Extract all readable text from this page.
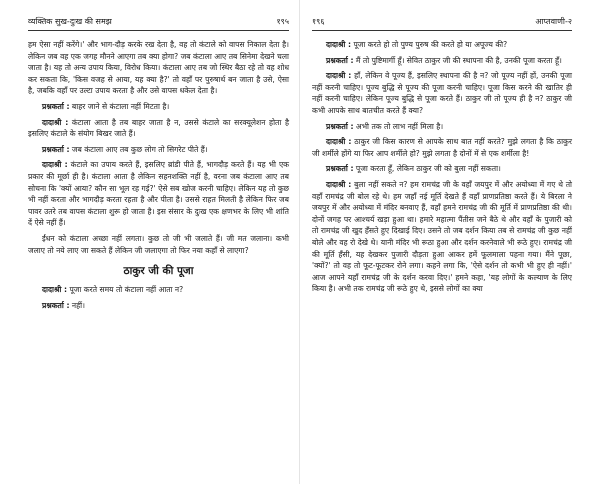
व्यक्तिक सुख-दुःख की समझ	१९५

हम ऐसा नहीं करेंगे।' और भाग-दौड़ करके रख देता है, वह तो कंटाले को वापस निकाल देता है। लेकिन जब वह एक जगह मौनने आएगा तब क्या होगा? जब कंटाला आए तब सिनेमा देखने चला जाता है। यह तो अन्य उपाय किया, विरोध किया। कंटाला आए तब जो स्थिर बैठा रहे तो वह शोध कर सकता कि, 'किस वजह से आया, यह क्या है?' तो वहाँ पर पुरुषार्थ बन जाता है उसे, ऐसा है, जबकि वहाँ पर उल्टा उपाय करता है और उसे वापस धकेल देता है।

प्रश्नकर्ता : बाहर जाने से कंटाला नहीं मिटता है।

दादाश्री : कंटाला आता है तब बाहर जाता है न, उससे कंटाले का सरक्यूलेशन होता है इसलिए कंटाले के संयोग बिखर जाते हैं।

प्रश्नकर्ता : जब कंटाला आए तब कुछ लोग तो सिगरेट पीते हैं।

दादाश्री : कंटाले का उपाय करते हैं, इसलिए ब्रांडी पीते हैं, भागदौड़ करते हैं। यह भी एक प्रकार की मूर्छा ही है। कंटाला आता है लेकिन सहनशक्ति नहीं है, वरना जब कंटाला आए तब सोचना कि 'क्यों आया? कौन सा भूल रह गई?' ऐसे सब खोज करनी चाहिए। लेकिन यह तो कुछ भी नहीं करता और भागदौड़ करता रहता है और पीता है। उससे राहत मिलती है लेकिन फिर जब पावर उतरे तब वापस कंटाला शुरू हो जाता है। इस संसार के दुःख एक क्षणभर के लिए भी शांति दें ऐसे नहीं हैं।

ईंधन को कंटाला अच्छा नहीं लगता। कुछ तो जी भी जलाते हैं। जी मत जलाना। कभी जलाए तो नये लाए जा सकते हैं लेकिन जी जलाएगा तो फिर नया कहाँ से लाएगा?

ठाकुर जी की पूजा

दादाश्री : पूजा करते समय तो कंटाला नहीं आता न?

प्रश्नकर्ता : नहीं।

१९६	आप्तवाणी-२

दादाश्री : पूजा करते हो तो पुण्य पुरुष की करते हो या अपूज्य की?

प्रश्नकर्ता : मैं तो पुष्टिमार्गी हूँ। सेवित ठाकुर जी की स्थापना की है, उनकी पूजा करता हूँ।

दादाश्री : हाँ, लेकिन वे पूज्य हैं, इसलिए स्थापना की है न? जो पूज्य नहीं हों, उनकी पूजा नहीं करनी चाहिए। पूज्य बुद्धि से पूज्य की पूजा करनी चाहिए। पूजा किस करने की खातिर ही नहीं करनी चाहिए। लेकिन पूज्य बुद्धि से पूजा करते हैं। ठाकुर जी तो पूज्य ही है न? ठाकुर जी कभी आपके साथ बातचीत करते हैं क्या?

प्रश्नकर्ता : अभी तक तो लाभ नहीं मिला है।

दादाश्री : ठाकुर जी किस कारण से आपके साथ बात नहीं करते? मुझे लगता है कि ठाकुर जी शर्मीले होंगे या फिर आप शर्मीले हो? मुझे लगता है दोनों में से एक शर्मीला है!

प्रश्नकर्ता : पूजा करता हूँ, लेकिन ठाकुर जी को बुला नहीं सकता।

दादाश्री : बुला नहीं सकते न? हम रामचंद्र जी के वहाँ जयपुर में और अयोध्या में गए थे तो वहाँ रामचंद्र जी बोल रहे थे। हम जहाँ नई मूर्ति देखते हैं वहाँ प्राणप्रतिष्ठा करते हैं। ये बिरला ने जयपुर में और अयोध्या में मंदिर बनवाए हैं, वहाँ हमने रामचंद्र जी की मूर्ति में प्राणप्रतिष्ठा की थी। दोनों जगह पर आश्चर्य खड़ा हुआ था। हमारे महात्मा पैंतीस जने बैठे थे और वहाँ के पुजारी को तो रामचंद्र जी खुद हँसते हुए दिखाई दिए। उसने तो जब दर्शन किया तब से रामचंद्र जी कुछ नहीं बोले और वह रो देखे थे। यानी मंदिर भी रूठा हुआ और दर्शन करनेवाले भी रूठे हुए। रामचंद्र जी की मूर्ति हँसी, यह देखकर पुजारी दौड़ता हुआ आकर हमें फूलमाला पहना गया। मैंने पूछा, 'क्यों?' तो वह तो फूट-फूटकर रोने लगा। कहने लगा कि, 'ऐसे दर्शन तो कभी भी हुए ही नहीं।' आज आपने यहाँ रामचंद्र जी के दर्शन करवा दिए।' हमने कहा, 'यह लोगों के कल्याण के लिए किया है। अभी तक रामचंद्र जी रूठे हुए थे, इससे लोगों का क्या
